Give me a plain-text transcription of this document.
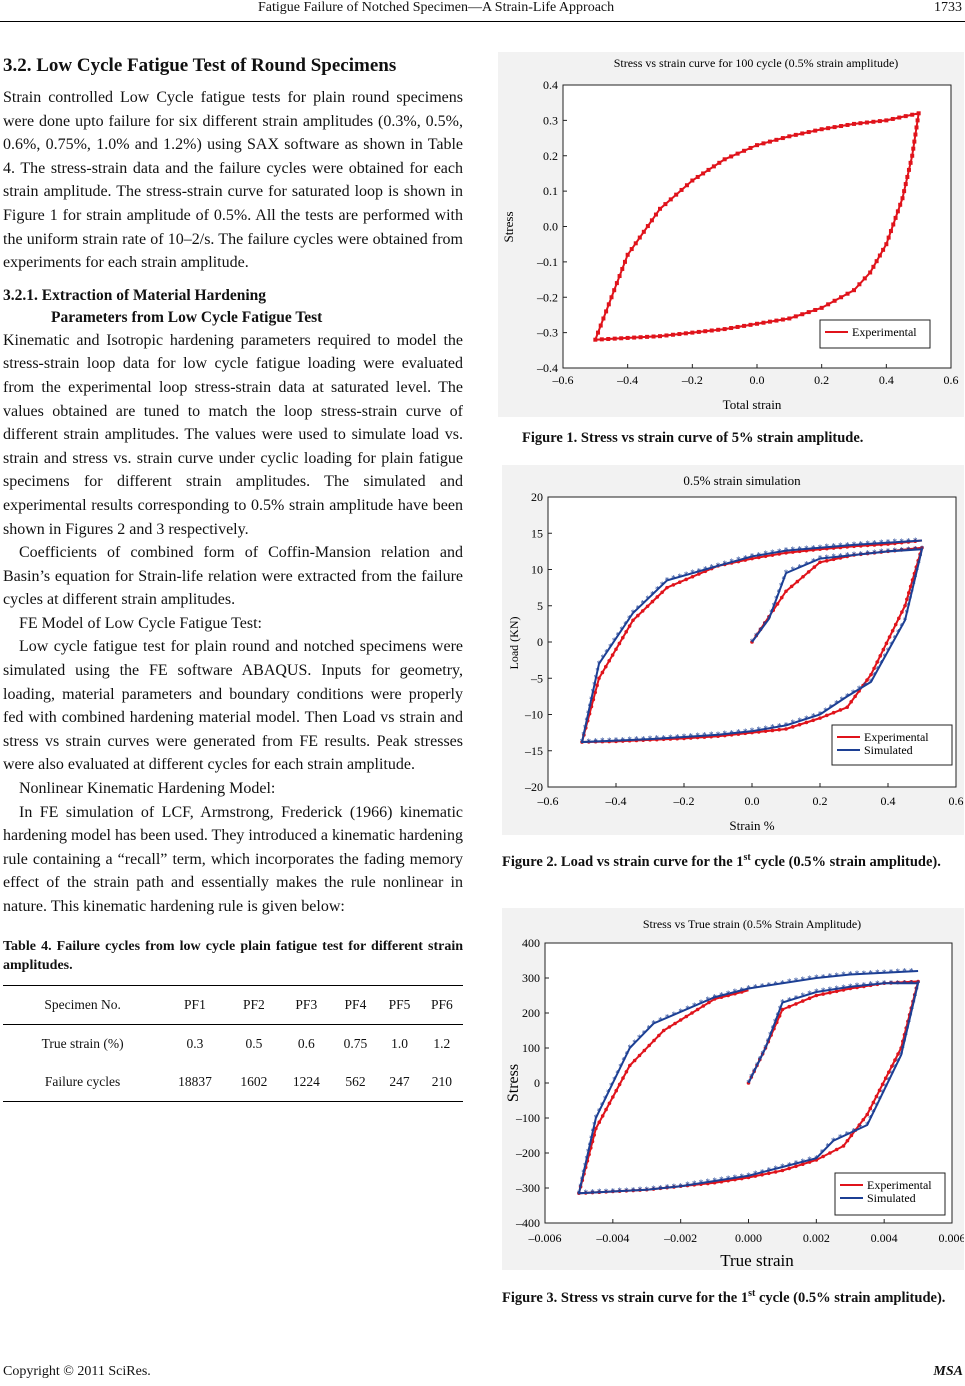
Fatigue Failure of Notched Specimen—A Strain-Life Approach	1733
3.2. Low Cycle Fatigue Test of Round Specimens

Strain controlled Low Cycle fatigue tests for plain round specimens were done upto failure for six different strain amplitudes (0.3%, 0.5%, 0.6%, 0.75%, 1.0% and 1.2%) using SAX software as shown in Table 4. The stress-strain data and the failure cycles were obtained for each strain amplitude. The stress-strain curve for saturated loop is shown in Figure 1 for strain amplitude of 0.5%. All the tests are performed with the uniform strain rate of 10–2/s. The failure cycles were obtained from experiments for each strain amplitude.

3.2.1. Extraction of Material Hardening
Parameters from Low Cycle Fatigue Test

Kinematic and Isotropic hardening parameters required to model the stress-strain loop data for low cycle fatigue loading were evaluated from the experimental loop stress-strain data at saturated level. The values obtained are tuned to match the loop stress-strain curve of different strain amplitudes. The values were used to simulate load vs. strain and stress vs. strain curve under cyclic loading for plain fatigue specimens for different strain amplitudes. The simulated and experimental results corresponding to 0.5% strain amplitude have been shown in Figures 2 and 3 respectively.

Coefficients of combined form of Coffin-Mansion relation and Basin’s equation for Strain-life relation were extracted from the failure cycles at different strain amplitudes.

FE Model of Low Cycle Fatigue Test:

Low cycle fatigue test for plain round and notched specimens were simulated using the FE software ABAQUS. Inputs for geometry, loading, material parameters and boundary conditions were properly fed with combined hardening material model. Then Load vs strain and stress vs strain curves were generated from FE results. Peak stresses were also evaluated at different cycles for each strain amplitude.

Nonlinear Kinematic Hardening Model:

In FE simulation of LCF, Armstrong, Frederick (1966) kinematic hardening model has been used. They introduced a kinematic hardening rule containing a “recall” term, which incorporates the fading memory effect of the strain path and essentially makes the rule nonlinear in nature. This kinematic hardening rule is given below:

Table 4. Failure cycles from low cycle plain fatigue test for different strain amplitudes.
Specimen No.	PF1	PF2	PF3	PF4	PF5	PF6
True strain (%)	0.3	0.5	0.6	0.75	1.0	1.2
Failure cycles	18837	1602	1224	562	247	210
Stress vs strain curve for 100 cycle (0.5% strain amplitude)
Total strain
Stress
–0.6	–0.4	–0.2	0.0	0.2	0.4	0.6
0.4
0.3
0.2
0.1
0.0
–0.1
–0.2
–0.3
–0.4
Experimental
Figure 1. Stress vs strain curve of 5% strain amplitude.
0.5% strain simulation
Strain %
Load (KN)
–0.6	–0.4	–0.2	0.0	0.2	0.4	0.6
20
15
10
5
0
–5
–10
–15
–20
*
*
*
*
*
*
*
*
*
*
*
* * * * * * * * * * * * * * * * * * * * *
*
*
*
*
*
*
*
*
*
*
*
*
*
*
*
*
*
*
*
*
*
*
*
*
*
*
*
*
*
*
*
*
*
*
*
*
*
*
*
*
*
*
*
*
*
*
*
*
*
*
*
*
*
*
*
*
*
*
*
*
*
*
*
*
*
*
*
*
*
*
*
*
*
*
*
*
*
*
*
*
*
*
*
* * * * * * * * * * * * * * * * * * * * * * * * * * * * * * * * * * * * * * * * * * * * *
Experimental
Simulated
Figure 2. Load vs strain curve for the 1st cycle (0.5% strain amplitude).
Stress vs True strain (0.5% Strain Amplitude)
True strain
Stress
–0.006	–0.004	–0.002	0.000	0.002	0.004	0.006
400
300
200
100
0
–100
–200
–300
–400
*
*
*
*
*
*
*
*
*
*
*
*
*
* * * * * * * * * * * * * * * * * * * * *
*
*
*
*
*
*
*
*
*
*
*
*
*
*
*
*
*
*
*
*
*
*
*
*
*
*
*
*
*
*
*
*
*
*
*
*
*
*
*
*
*
*
*
*
*
*
*
*
*
*
*
*
*
*
*
*
*
*
*
*
*
*
*
*
*
*
*
*
*
*
*
*
*
*
*
*
*
*
*
*
*
*
*
*
*
*
* * * * * * * * * * * * * * * * * * * * * * * * * * * * * * * * * * * * * * * * * * * *
Experimental
Simulated
Figure 3. Stress vs strain curve for the 1st cycle (0.5% strain amplitude).
Copyright © 2011 SciRes.	MSA
